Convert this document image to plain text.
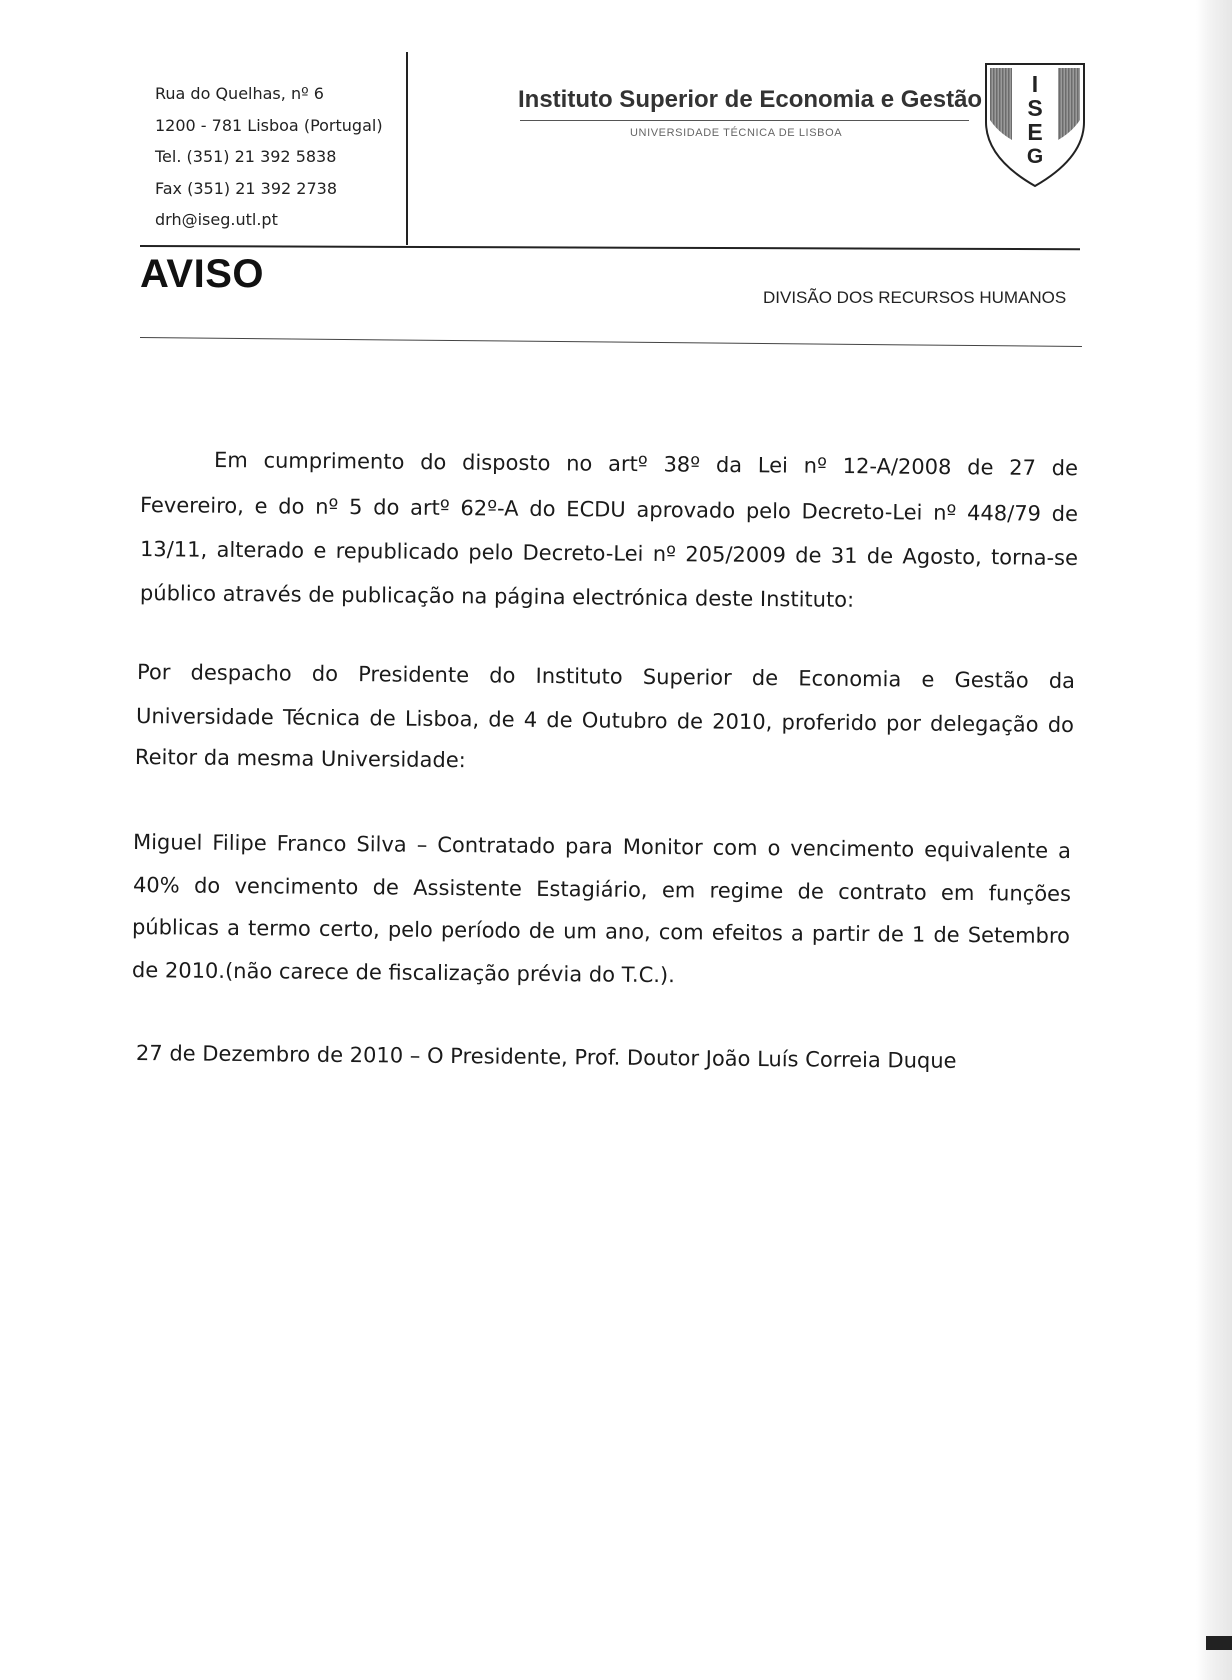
Rua do Quelhas, nº 6
1200 - 781 Lisboa (Portugal)
Tel. (351) 21 392 5838
Fax (351) 21 392 2738
drh@iseg.utl.pt
Instituto Superior de Economia e Gestão
UNIVERSIDADE TÉCNICA DE LISBOA
I
S
E
G
AVISO
DIVISÃO DOS RECURSOS HUMANOS
Em cumprimento do disposto no artº 38º da Lei nº 12-A/2008 de 27 de
Fevereiro, e do nº 5 do artº 62º-A do ECDU aprovado pelo Decreto-Lei nº 448/79 de
13/11, alterado e republicado pelo Decreto-Lei nº 205/2009 de 31 de Agosto, torna-se
público através de publicação na página electrónica deste Instituto:
Por despacho do Presidente do Instituto Superior de Economia e Gestão da
Universidade Técnica de Lisboa, de 4 de Outubro de 2010, proferido por delegação do
Reitor da mesma Universidade:
Miguel Filipe Franco Silva – Contratado para Monitor com o vencimento equivalente a
40% do vencimento de Assistente Estagiário, em regime de contrato em funções
públicas a termo certo, pelo período de um ano, com efeitos a partir de 1 de Setembro
de 2010.(não carece de fiscalização prévia do T.C.).
27 de Dezembro de 2010 – O Presidente, Prof. Doutor João Luís Correia Duque
